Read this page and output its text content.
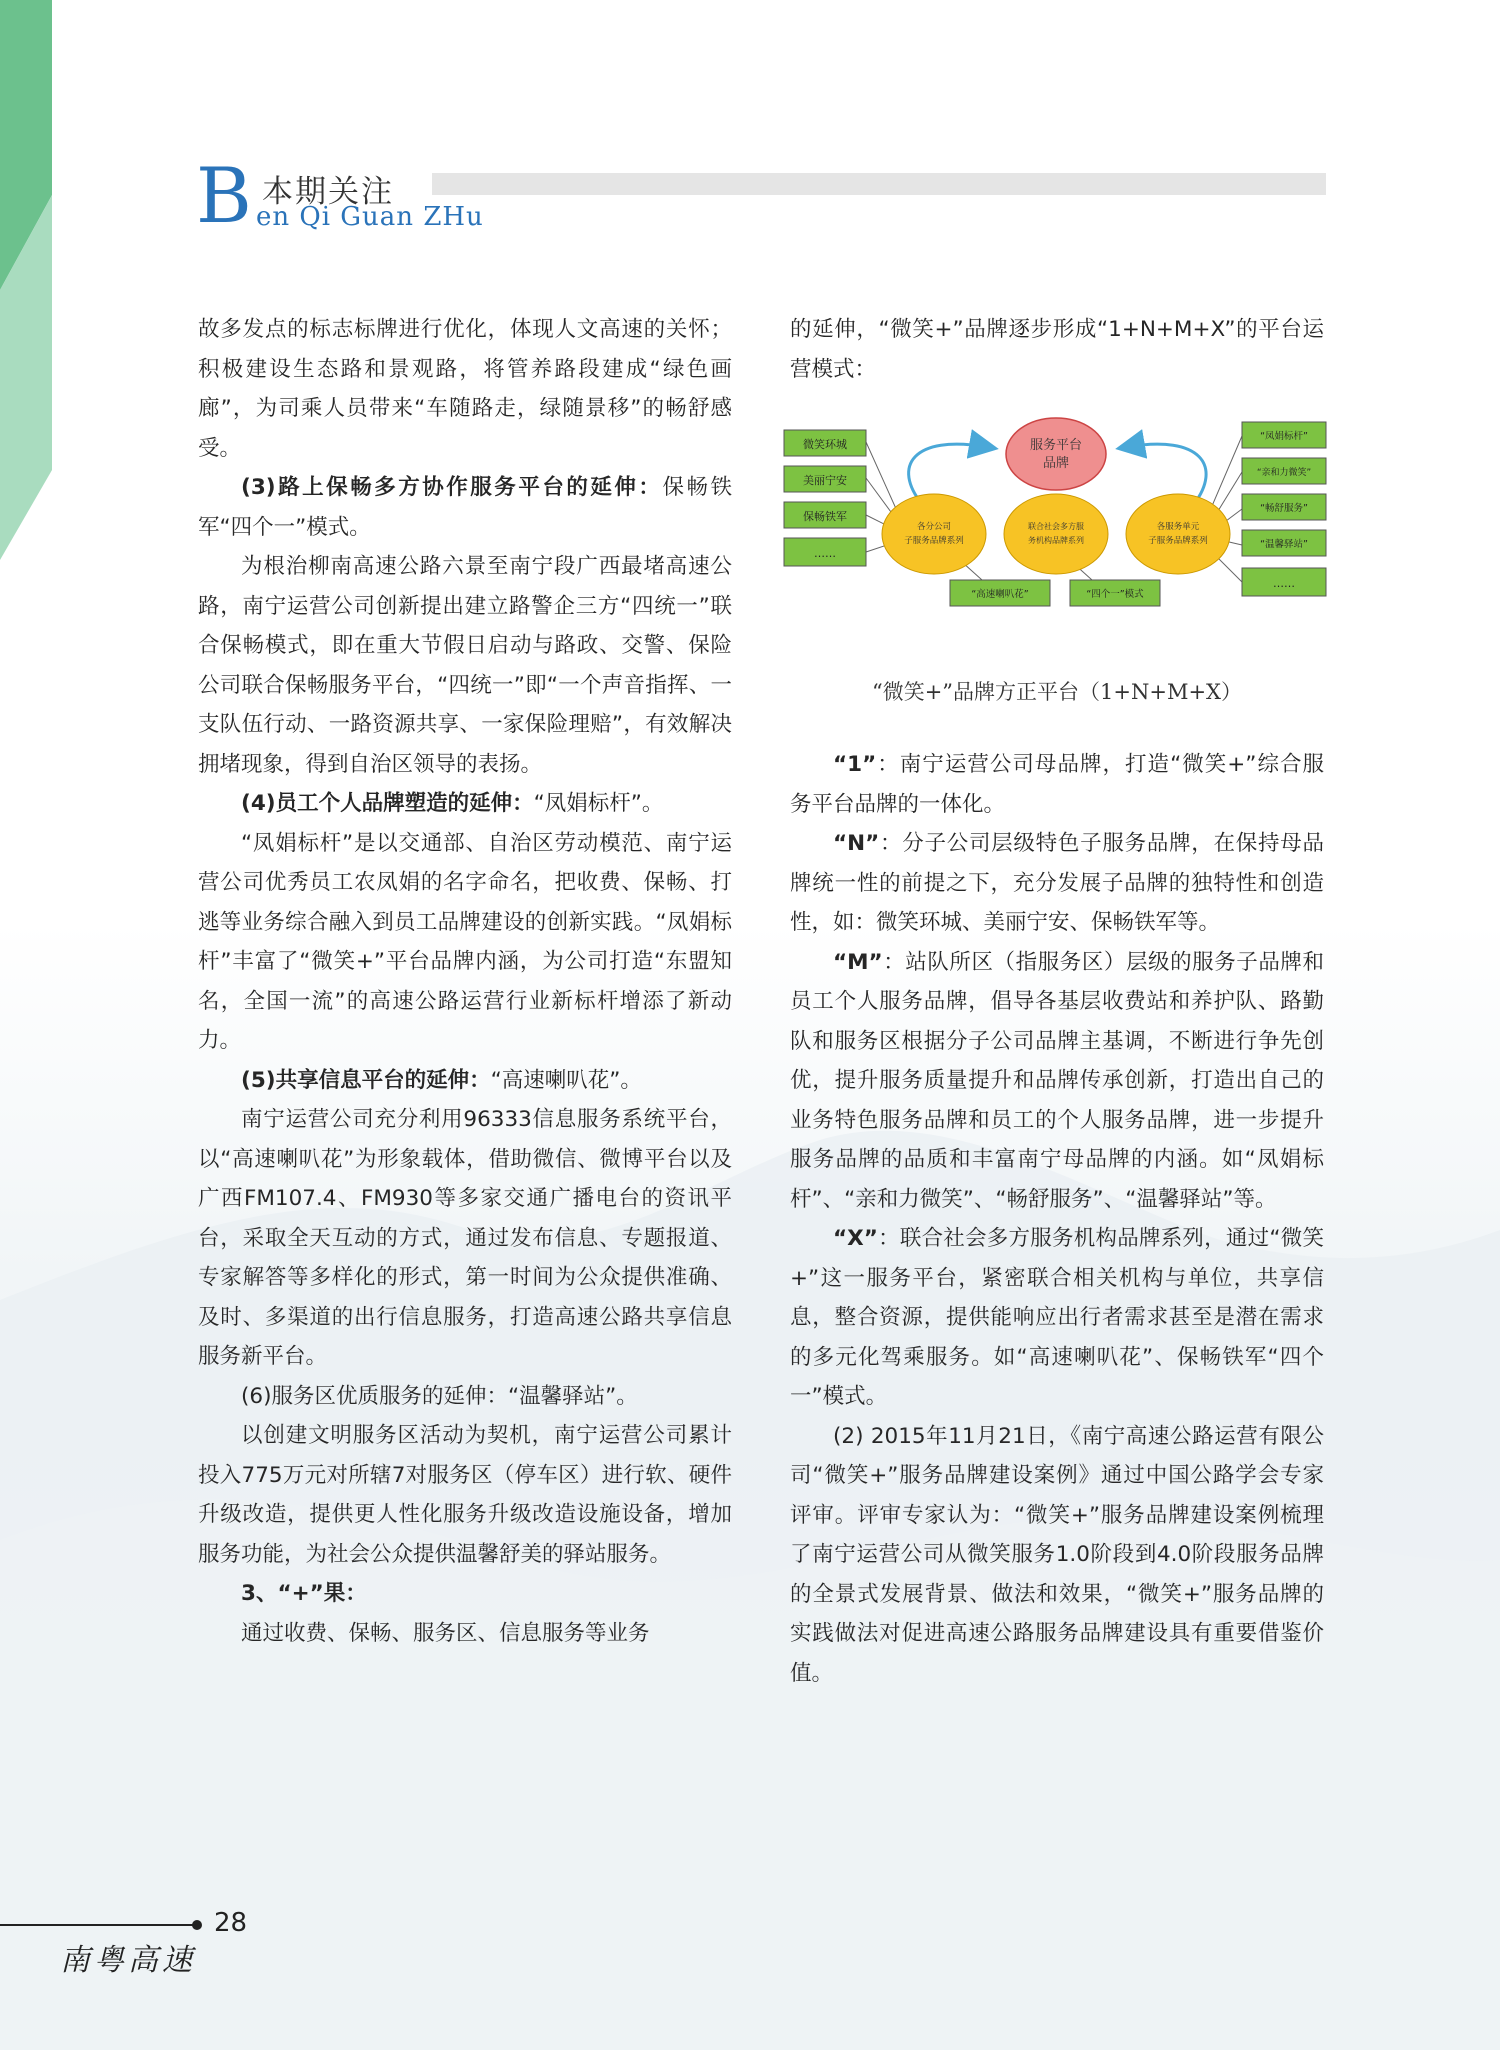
B 本期关注
en Qi Guan ZHu

故多发点的标志标牌进行优化，体现人文高速的关怀；积极建设生态路和景观路，将管养路段建成“绿色画廊”，为司乘人员带来“车随路走，绿随景移”的畅舒感受。

(3)路上保畅多方协作服务平台的延伸：保畅铁军“四个一”模式。

为根治柳南高速公路六景至南宁段广西最堵高速公路，南宁运营公司创新提出建立路警企三方“四统一”联合保畅模式，即在重大节假日启动与路政、交警、保险公司联合保畅服务平台，“四统一”即“一个声音指挥、一支队伍行动、一路资源共享、一家保险理赔”，有效解决拥堵现象，得到自治区领导的表扬。

(4)员工个人品牌塑造的延伸：“凤娟标杆”。

“凤娟标杆”是以交通部、自治区劳动模范、南宁运营公司优秀员工农凤娟的名字命名，把收费、保畅、打逃等业务综合融入到员工品牌建设的创新实践。“凤娟标杆”丰富了“微笑+”平台品牌内涵，为公司打造“东盟知名，全国一流”的高速公路运营行业新标杆增添了新动力。

(5)共享信息平台的延伸：“高速喇叭花”。

南宁运营公司充分利用96333信息服务系统平台，以“高速喇叭花”为形象载体，借助微信、微博平台以及广西FM107.4、FM930等多家交通广播电台的资讯平台，采取全天互动的方式，通过发布信息、专题报道、专家解答等多样化的形式，第一时间为公众提供准确、及时、多渠道的出行信息服务，打造高速公路共享信息服务新平台。

(6)服务区优质服务的延伸：“温馨驿站”。

以创建文明服务区活动为契机，南宁运营公司累计投入775万元对所辖7对服务区（停车区）进行软、硬件升级改造，提供更人性化服务升级改造设施设备，增加服务功能，为社会公众提供温馨舒美的驿站服务。

3、“+”果：

通过收费、保畅、服务区、信息服务等业务

的延伸，“微笑+”品牌逐步形成“1+N+M+X”的平台运营模式：

服务平台
品牌
各分公司
子服务品牌系列
联合社会多方服
务机构品牌系列
各服务单元
子服务品牌系列
微笑环城
美丽宁安
保畅铁军
……
“凤娟标杆”
“亲和力微笑”
“畅舒服务”
“温馨驿站”
……
“高速喇叭花”	“四个一”模式
“微笑+”品牌方正平台（1+N+M+X）

“1”：南宁运营公司母品牌，打造“微笑+”综合服务平台品牌的一体化。

“N”：分子公司层级特色子服务品牌，在保持母品牌统一性的前提之下，充分发展子品牌的独特性和创造性，如：微笑环城、美丽宁安、保畅铁军等。

“M”：站队所区（指服务区）层级的服务子品牌和员工个人服务品牌，倡导各基层收费站和养护队、路勤队和服务区根据分子公司品牌主基调，不断进行争先创优，提升服务质量提升和品牌传承创新，打造出自己的业务特色服务品牌和员工的个人服务品牌，进一步提升服务品牌的品质和丰富南宁母品牌的内涵。如“凤娟标杆”、“亲和力微笑”、“畅舒服务”、“温馨驿站”等。

“X”：联合社会多方服务机构品牌系列，通过“微笑+”这一服务平台，紧密联合相关机构与单位，共享信息，整合资源，提供能响应出行者需求甚至是潜在需求的多元化驾乘服务。如“高速喇叭花”、保畅铁军“四个一”模式。

(2) 2015年11月21日，《南宁高速公路运营有限公司“微笑+”服务品牌建设案例》通过中国公路学会专家评审。评审专家认为：“微笑+”服务品牌建设案例梳理了南宁运营公司从微笑服务1.0阶段到4.0阶段服务品牌的全景式发展背景、做法和效果，“微笑+”服务品牌的实践做法对促进高速公路服务品牌建设具有重要借鉴价值。

28
南粤高速
